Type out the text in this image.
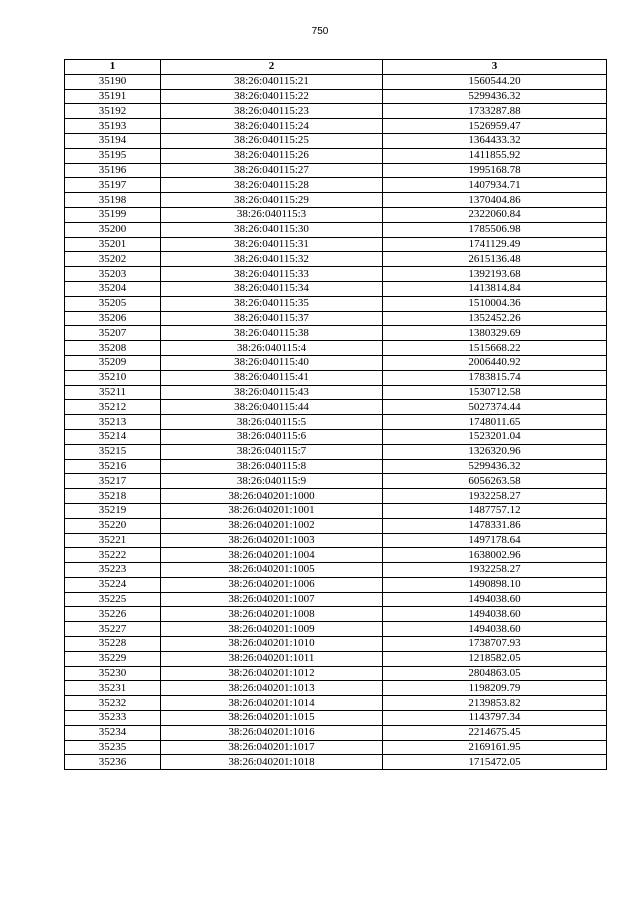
750
1	2	3
35190	38:26:040115:21	1560544.20
35191	38:26:040115:22	5299436.32
35192	38:26:040115:23	1733287.88
35193	38:26:040115:24	1526959.47
35194	38:26:040115:25	1364433.32
35195	38:26:040115:26	1411855.92
35196	38:26:040115:27	1995168.78
35197	38:26:040115:28	1407934.71
35198	38:26:040115:29	1370404.86
35199	38:26:040115:3	2322060.84
35200	38:26:040115:30	1785506.98
35201	38:26:040115:31	1741129.49
35202	38:26:040115:32	2615136.48
35203	38:26:040115:33	1392193.68
35204	38:26:040115:34	1413814.84
35205	38:26:040115:35	1510004.36
35206	38:26:040115:37	1352452.26
35207	38:26:040115:38	1380329.69
35208	38:26:040115:4	1515668.22
35209	38:26:040115:40	2006440.92
35210	38:26:040115:41	1783815.74
35211	38:26:040115:43	1530712.58
35212	38:26:040115:44	5027374.44
35213	38:26:040115:5	1748011.65
35214	38:26:040115:6	1523201.04
35215	38:26:040115:7	1326320.96
35216	38:26:040115:8	5299436.32
35217	38:26:040115:9	6056263.58
35218	38:26:040201:1000	1932258.27
35219	38:26:040201:1001	1487757.12
35220	38:26:040201:1002	1478331.86
35221	38:26:040201:1003	1497178.64
35222	38:26:040201:1004	1638002.96
35223	38:26:040201:1005	1932258.27
35224	38:26:040201:1006	1490898.10
35225	38:26:040201:1007	1494038.60
35226	38:26:040201:1008	1494038.60
35227	38:26:040201:1009	1494038.60
35228	38:26:040201:1010	1738707.93
35229	38:26:040201:1011	1218582.05
35230	38:26:040201:1012	2804863.05
35231	38:26:040201:1013	1198209.79
35232	38:26:040201:1014	2139853.82
35233	38:26:040201:1015	1143797.34
35234	38:26:040201:1016	2214675.45
35235	38:26:040201:1017	2169161.95
35236	38:26:040201:1018	1715472.05
